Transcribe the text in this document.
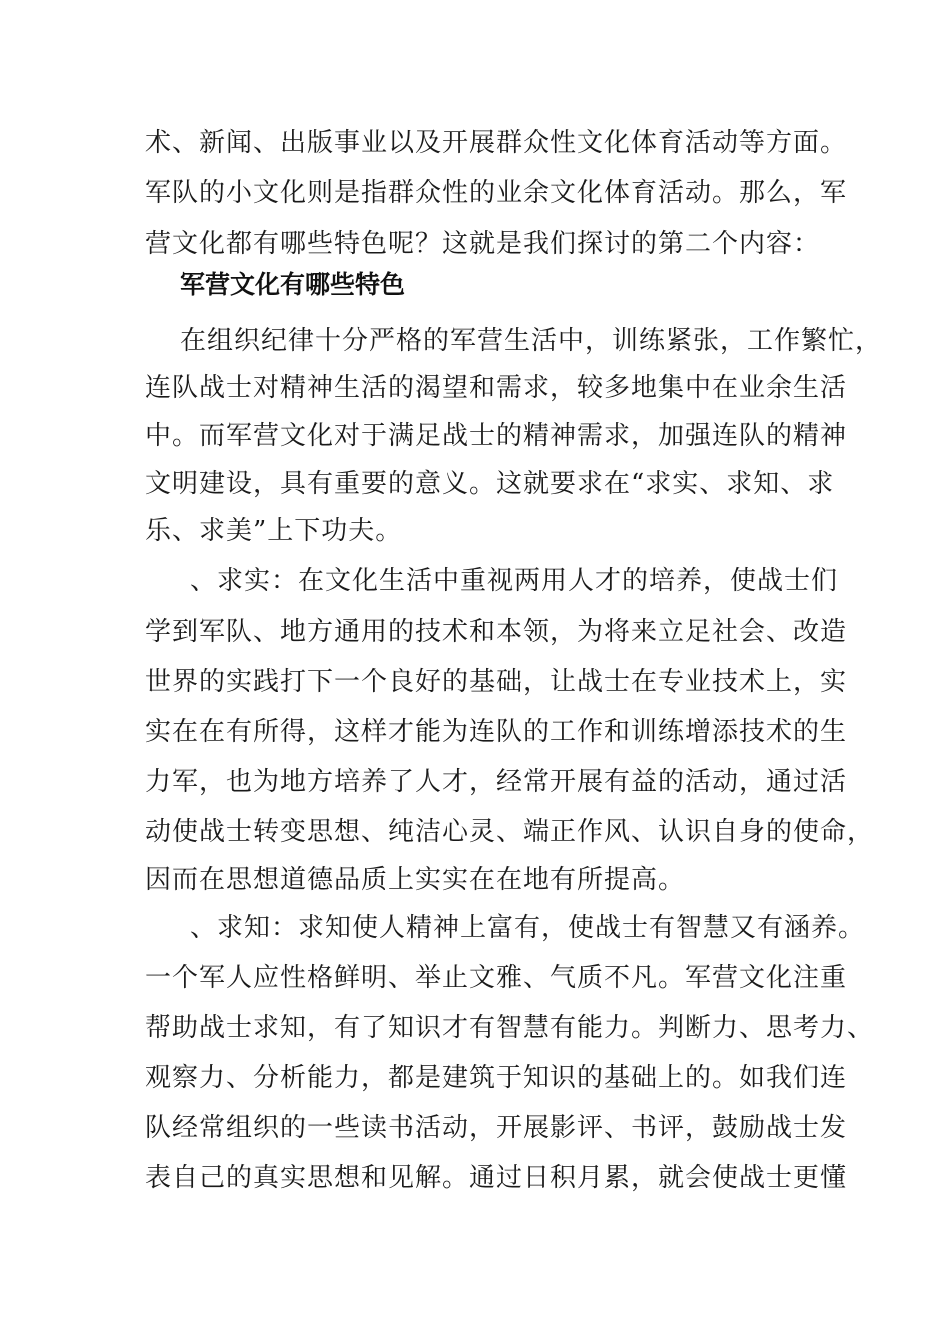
术、新闻、出版事业以及开展群众性文化体育活动等方面。
军队的小文化则是指群众性的业余文化体育活动。那么，军
营文化都有哪些特色呢？这就是我们探讨的第二个内容：
军营文化有哪些特色
在组织纪律十分严格的军营生活中，训练紧张，工作繁忙，
连队战士对精神生活的渴望和需求，较多地集中在业余生活
中。而军营文化对于满足战士的精神需求，加强连队的精神
文明建设，具有重要的意义。这就要求在“求实、求知、求
乐、求美”上下功夫。
、求实：在文化生活中重视两用人才的培养，使战士们
学到军队、地方通用的技术和本领，为将来立足社会、改造
世界的实践打下一个良好的基础，让战士在专业技术上，实
实在在有所得，这样才能为连队的工作和训练增添技术的生
力军，也为地方培养了人才，经常开展有益的活动，通过活
动使战士转变思想、纯洁心灵、端正作风、认识自身的使命，
因而在思想道德品质上实实在在地有所提高。
、求知：求知使人精神上富有，使战士有智慧又有涵养。
一个军人应性格鲜明、举止文雅、气质不凡。军营文化注重
帮助战士求知，有了知识才有智慧有能力。判断力、思考力、
观察力、分析能力，都是建筑于知识的基础上的。如我们连
队经常组织的一些读书活动，开展影评、书评，鼓励战士发
表自己的真实思想和见解。通过日积月累，就会使战士更懂
